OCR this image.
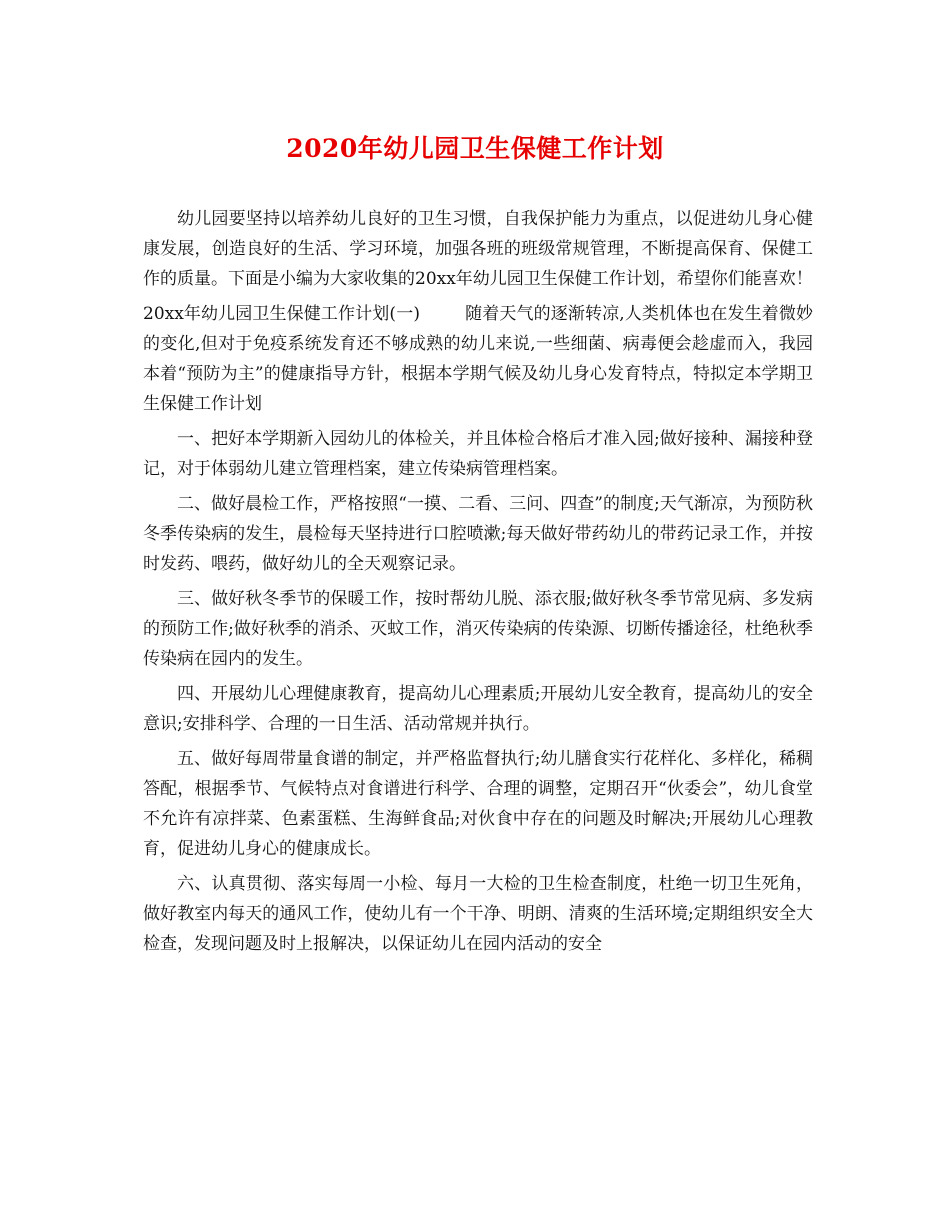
2020年幼儿园卫生保健工作计划

幼儿园要坚持以培养幼儿良好的卫生习惯，自我保护能力为重点，以促进幼儿身心健康发展，创造良好的生活、学习环境，加强各班的班级常规管理，不断提高保育、保健工作的质量。下面是小编为大家收集的20xx年幼儿园卫生保健工作计划，希望你们能喜欢！

20xx年幼儿园卫生保健工作计划(一)	随着天气的逐渐转凉,人类机体也在发生着微妙的变化,但对于免疫系统发育还不够成熟的幼儿来说,一些细菌、病毒便会趁虚而入，我园本着“预防为主”的健康指导方针，根据本学期气候及幼儿身心发育特点，特拟定本学期卫生保健工作计划

一、把好本学期新入园幼儿的体检关，并且体检合格后才准入园;做好接种、漏接种登记，对于体弱幼儿建立管理档案，建立传染病管理档案。

二、做好晨检工作，严格按照“一摸、二看、三问、四查”的制度;天气渐凉，为预防秋冬季传染病的发生，晨检每天坚持进行口腔喷漱;每天做好带药幼儿的带药记录工作，并按时发药、喂药，做好幼儿的全天观察记录。

三、做好秋冬季节的保暖工作，按时帮幼儿脱、添衣服;做好秋冬季节常见病、多发病的预防工作;做好秋季的消杀、灭蚊工作，消灭传染病的传染源、切断传播途径，杜绝秋季传染病在园内的发生。

四、开展幼儿心理健康教育，提高幼儿心理素质;开展幼儿安全教育，提高幼儿的安全意识;安排科学、合理的一日生活、活动常规并执行。

五、做好每周带量食谱的制定，并严格监督执行;幼儿膳食实行花样化、多样化，稀稠答配，根据季节、气候特点对食谱进行科学、合理的调整，定期召开“伙委会”，幼儿食堂不允许有凉拌菜、色素蛋糕、生海鲜食品;对伙食中存在的问题及时解决;开展幼儿心理教育，促进幼儿身心的健康成长。

六、认真贯彻、落实每周一小检、每月一大检的卫生检查制度，杜绝一切卫生死角，做好教室内每天的通风工作，使幼儿有一个干净、明朗、清爽的生活环境;定期组织安全大检查，发现问题及时上报解决，以保证幼儿在园内活动的安全
